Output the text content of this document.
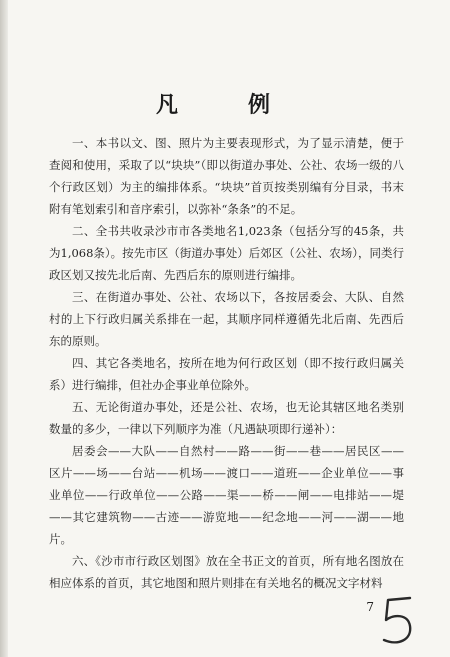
凡　例

一、本书以文、图、照片为主要表现形式，为了显示清楚，便于查阅和使用，采取了以“块块”（即以街道办事处、公社、农场一级的八个行政区划）为主的编排体系。“块块”首页按类别编有分目录，书末附有笔划索引和音序索引，以弥补“条条”的不足。

二、全书共收录沙市市各类地名1,023条（包括分写的45条，共为1,068条）。按先市区（街道办事处）后郊区（公社、农场），同类行政区划又按先北后南、先西后东的原则进行编排。

三、在街道办事处、公社、农场以下，各按居委会、大队、自然村的上下行政归属关系排在一起，其顺序同样遵循先北后南、先西后东的原则。

四、其它各类地名，按所在地为何行政区划（即不按行政归属关系）进行编排，但社办企事业单位除外。

五、无论街道办事处，还是公社、农场，也无论其辖区地名类别数量的多少，一律以下列顺序为准（凡遇缺项即行递补）：

居委会——大队——自然村——路——街——巷——居民区——区片——场——台站——机场——渡口——道班——企业单位——事业单位——行政单位——公路——渠——桥——闸——电排站——堤——其它建筑物——古迹——游览地——纪念地——河——湖——地片。

六、《沙市市行政区划图》放在全书正文的首页，所有地名图放在相应体系的首页，其它地图和照片则排在有关地名的概况文字材料

7
